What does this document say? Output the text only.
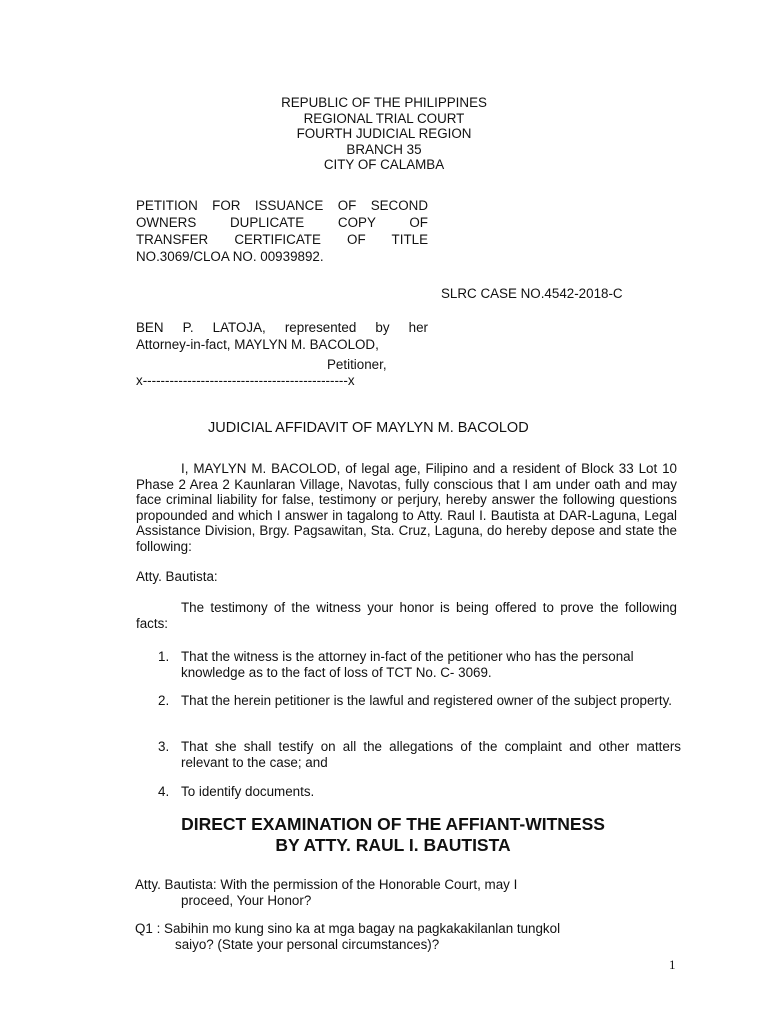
REPUBLIC OF THE PHILIPPINES
REGIONAL TRIAL COURT
FOURTH JUDICIAL REGION
BRANCH 35
CITY OF CALAMBA
PETITION FOR ISSUANCE OF SECOND
OWNERS DUPLICATE COPY OF
TRANSFER CERTIFICATE OF TITLE
NO.3069/CLOA NO. 00939892.
SLRC CASE NO.4542-2018-C
BEN P. LATOJA, represented by her
Attorney-in-fact, MAYLYN M. BACOLOD,
Petitioner,
x----------------------------------------------x
JUDICIAL AFFIDAVIT OF MAYLYN M. BACOLOD

I, MAYLYN M. BACOLOD, of legal age, Filipino and a resident of Block 33 Lot 10 Phase 2 Area 2 Kaunlaran Village, Navotas, fully conscious that I am under oath and may face criminal liability for false, testimony or perjury, hereby answer the following questions propounded and which I answer in tagalong to Atty. Raul I. Bautista at DAR-Laguna, Legal Assistance Division, Brgy. Pagsawitan, Sta. Cruz, Laguna, do hereby depose and state the following:

Atty. Bautista:

The testimony of the witness your honor is being offered to prove the following facts:

1. That the witness is the attorney in-fact of the petitioner who has the personal knowledge as to the fact of loss of TCT No. C- 3069.
2. That the herein petitioner is the lawful and registered owner of the subject property.
3. That she shall testify on all the allegations of the complaint and other matters relevant to the case; and
4. To identify documents.
DIRECT EXAMINATION OF THE AFFIANT-WITNESS
BY ATTY. RAUL I. BAUTISTA
Atty. Bautista: With the permission of the Honorable Court, may I
proceed, Your Honor?
Q1 : Sabihin mo kung sino ka at mga bagay na pagkakakilanlan tungkol
saiyo? (State your personal circumstances)?
1
